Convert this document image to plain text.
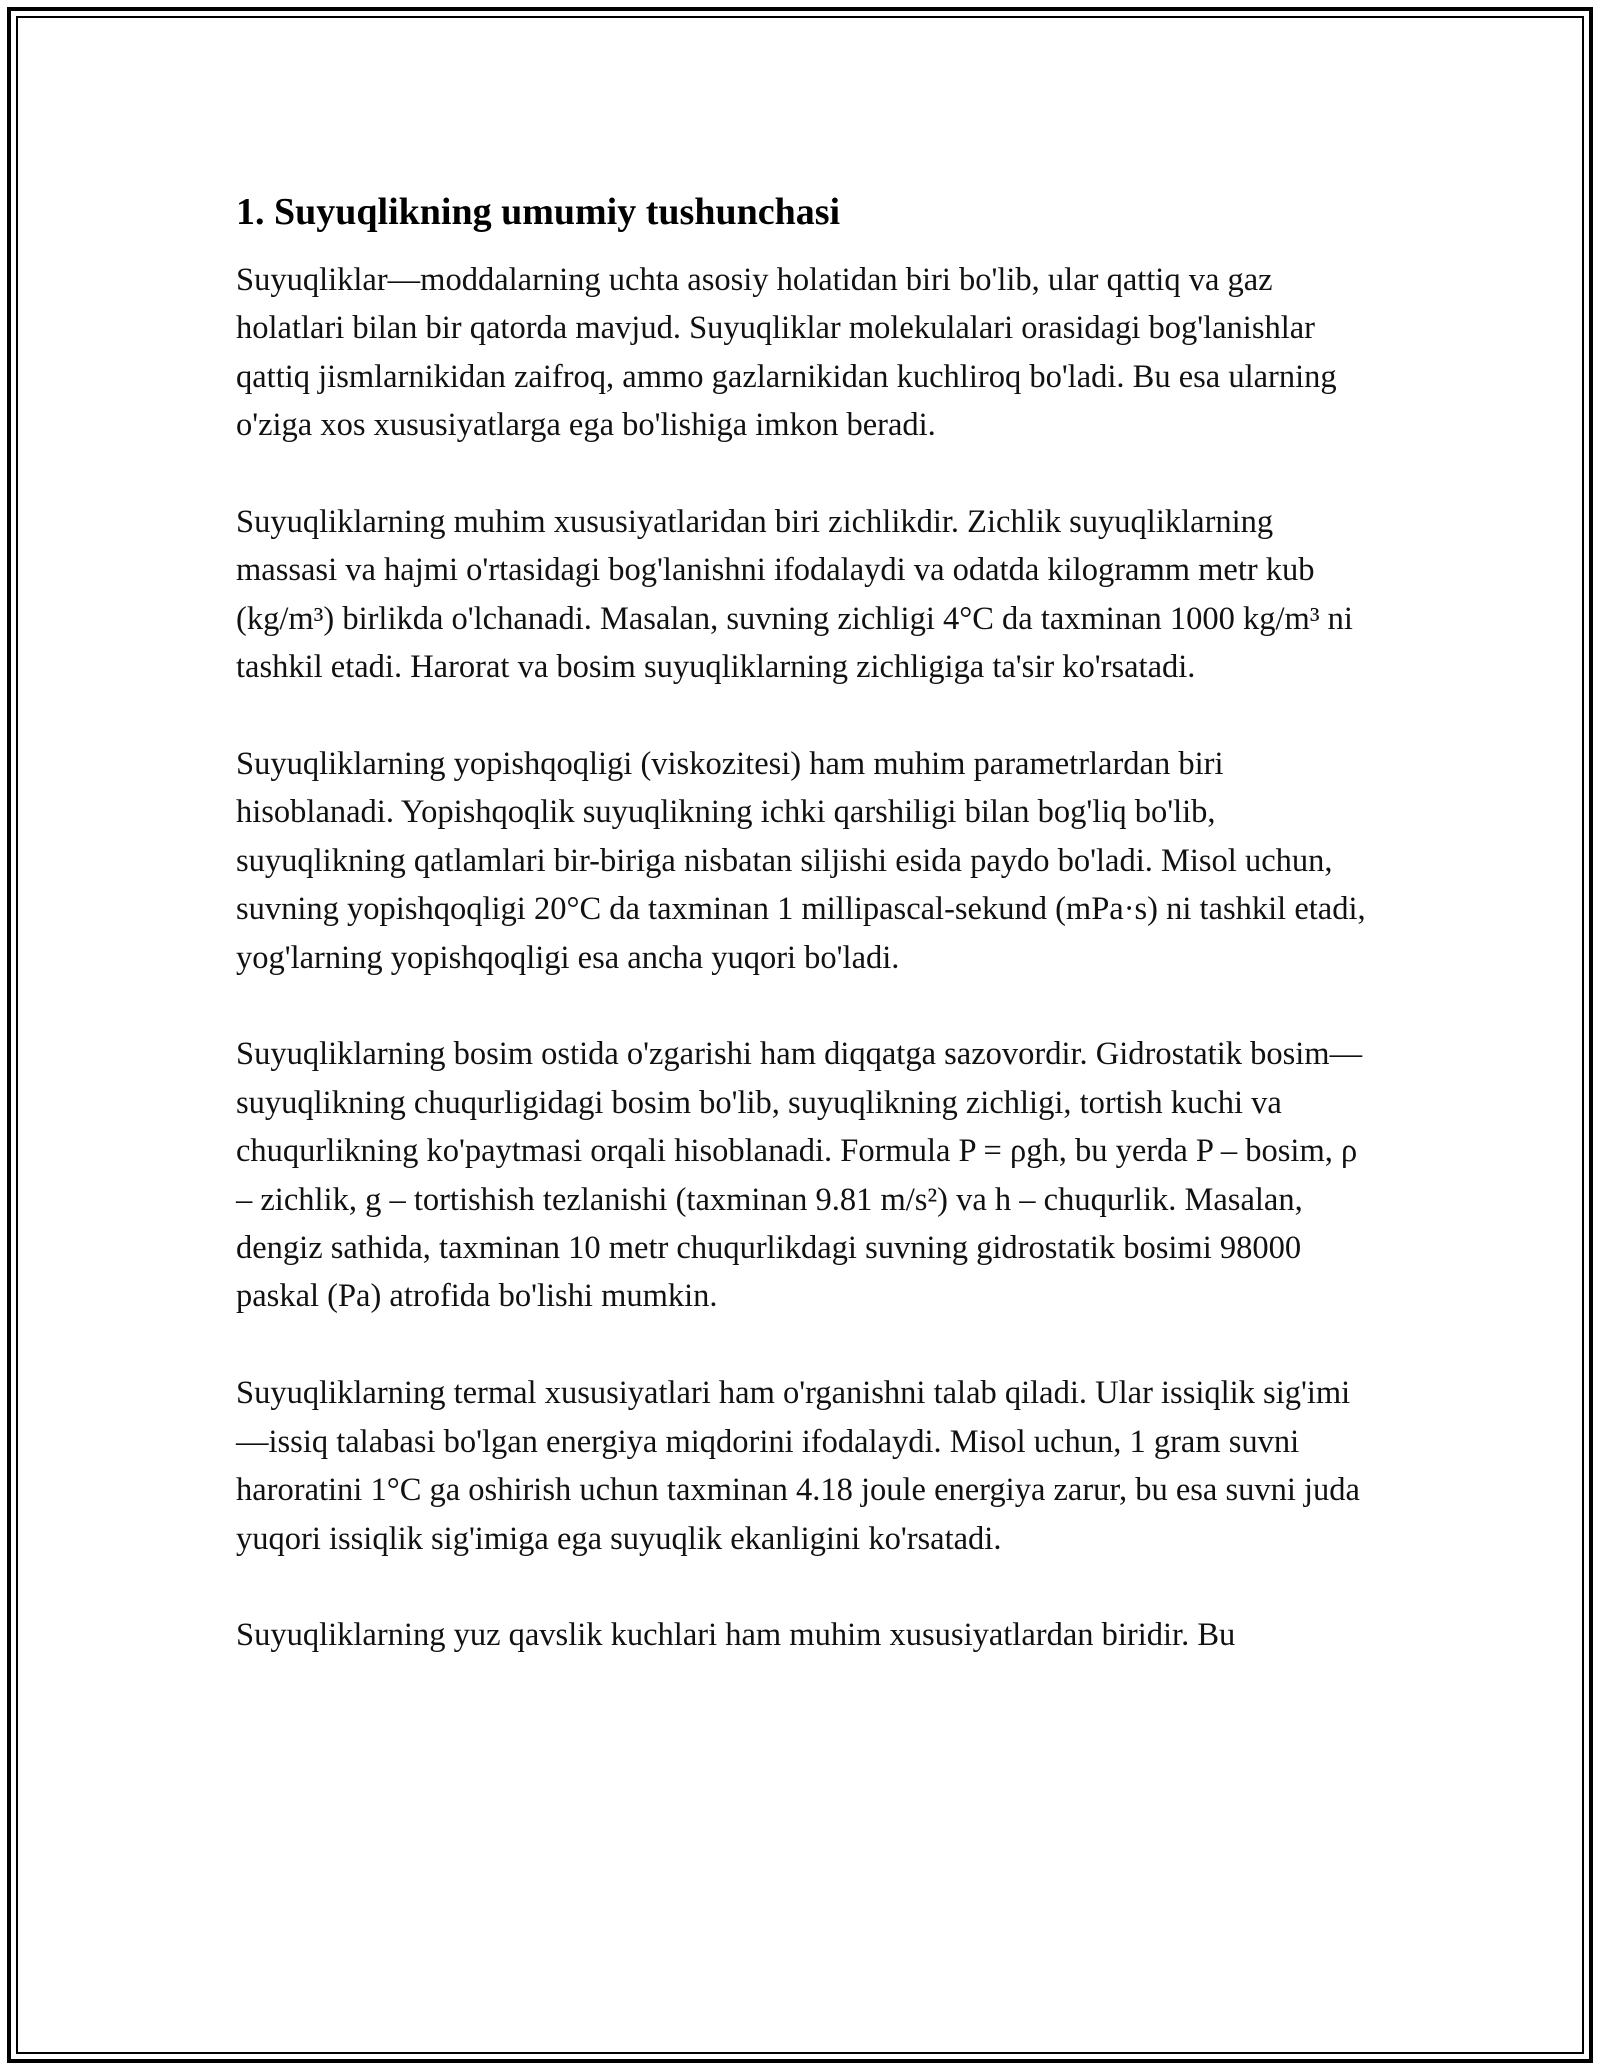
1. Suyuqlikning umumiy tushunchasi

Suyuqliklar—moddalarning uchta asosiy holatidan biri bo'lib, ular qattiq va gaz holatlari bilan bir qatorda mavjud. Suyuqliklar molekulalari orasidagi bog'lanishlar qattiq jismlarnikidan zaifroq, ammo gazlarnikidan kuchliroq bo'ladi. Bu esa ularning o'ziga xos xususiyatlarga ega bo'lishiga imkon beradi.

Suyuqliklarning muhim xususiyatlaridan biri zichlikdir. Zichlik suyuqliklarning massasi va hajmi o'rtasidagi bog'lanishni ifodalaydi va odatda kilogramm metr kub (kg/m³) birlikda o'lchanadi. Masalan, suvning zichligi 4°C da taxminan 1000 kg/m³ ni tashkil etadi. Harorat va bosim suyuqliklarning zichligiga ta'sir ko'rsatadi.

Suyuqliklarning yopishqoqligi (viskozitesi) ham muhim parametrlardan biri hisoblanadi. Yopishqoqlik suyuqlikning ichki qarshiligi bilan bog'liq bo'lib, suyuqlikning qatlamlari bir-biriga nisbatan siljishi esida paydo bo'ladi. Misol uchun, suvning yopishqoqligi 20°C da taxminan 1 millipascal-sekund (mPa·s) ni tashkil etadi, yog'larning yopishqoqligi esa ancha yuqori bo'ladi.

Suyuqliklarning bosim ostida o'zgarishi ham diqqatga sazovordir. Gidrostatik bosim—suyuqlikning chuqurligidagi bosim bo'lib, suyuqlikning zichligi, tortish kuchi va chuqurlikning ko'paytmasi orqali hisoblanadi. Formula P = ρgh, bu yerda P – bosim, ρ – zichlik, g – tortishish tezlanishi (taxminan 9.81 m/s²) va h – chuqurlik. Masalan, dengiz sathida, taxminan 10 metr chuqurlikdagi suvning gidrostatik bosimi 98000 paskal (Pa) atrofida bo'lishi mumkin.

Suyuqliklarning termal xususiyatlari ham o'rganishni talab qiladi. Ular issiqlik sig'imi—issiq talabasi bo'lgan energiya miqdorini ifodalaydi. Misol uchun, 1 gram suvni haroratini 1°C ga oshirish uchun taxminan 4.18 joule energiya zarur, bu esa suvni juda yuqori issiqlik sig'imiga ega suyuqlik ekanligini ko'rsatadi.

Suyuqliklarning yuz qavslik kuchlari ham muhim xususiyatlardan biridir. Bu
